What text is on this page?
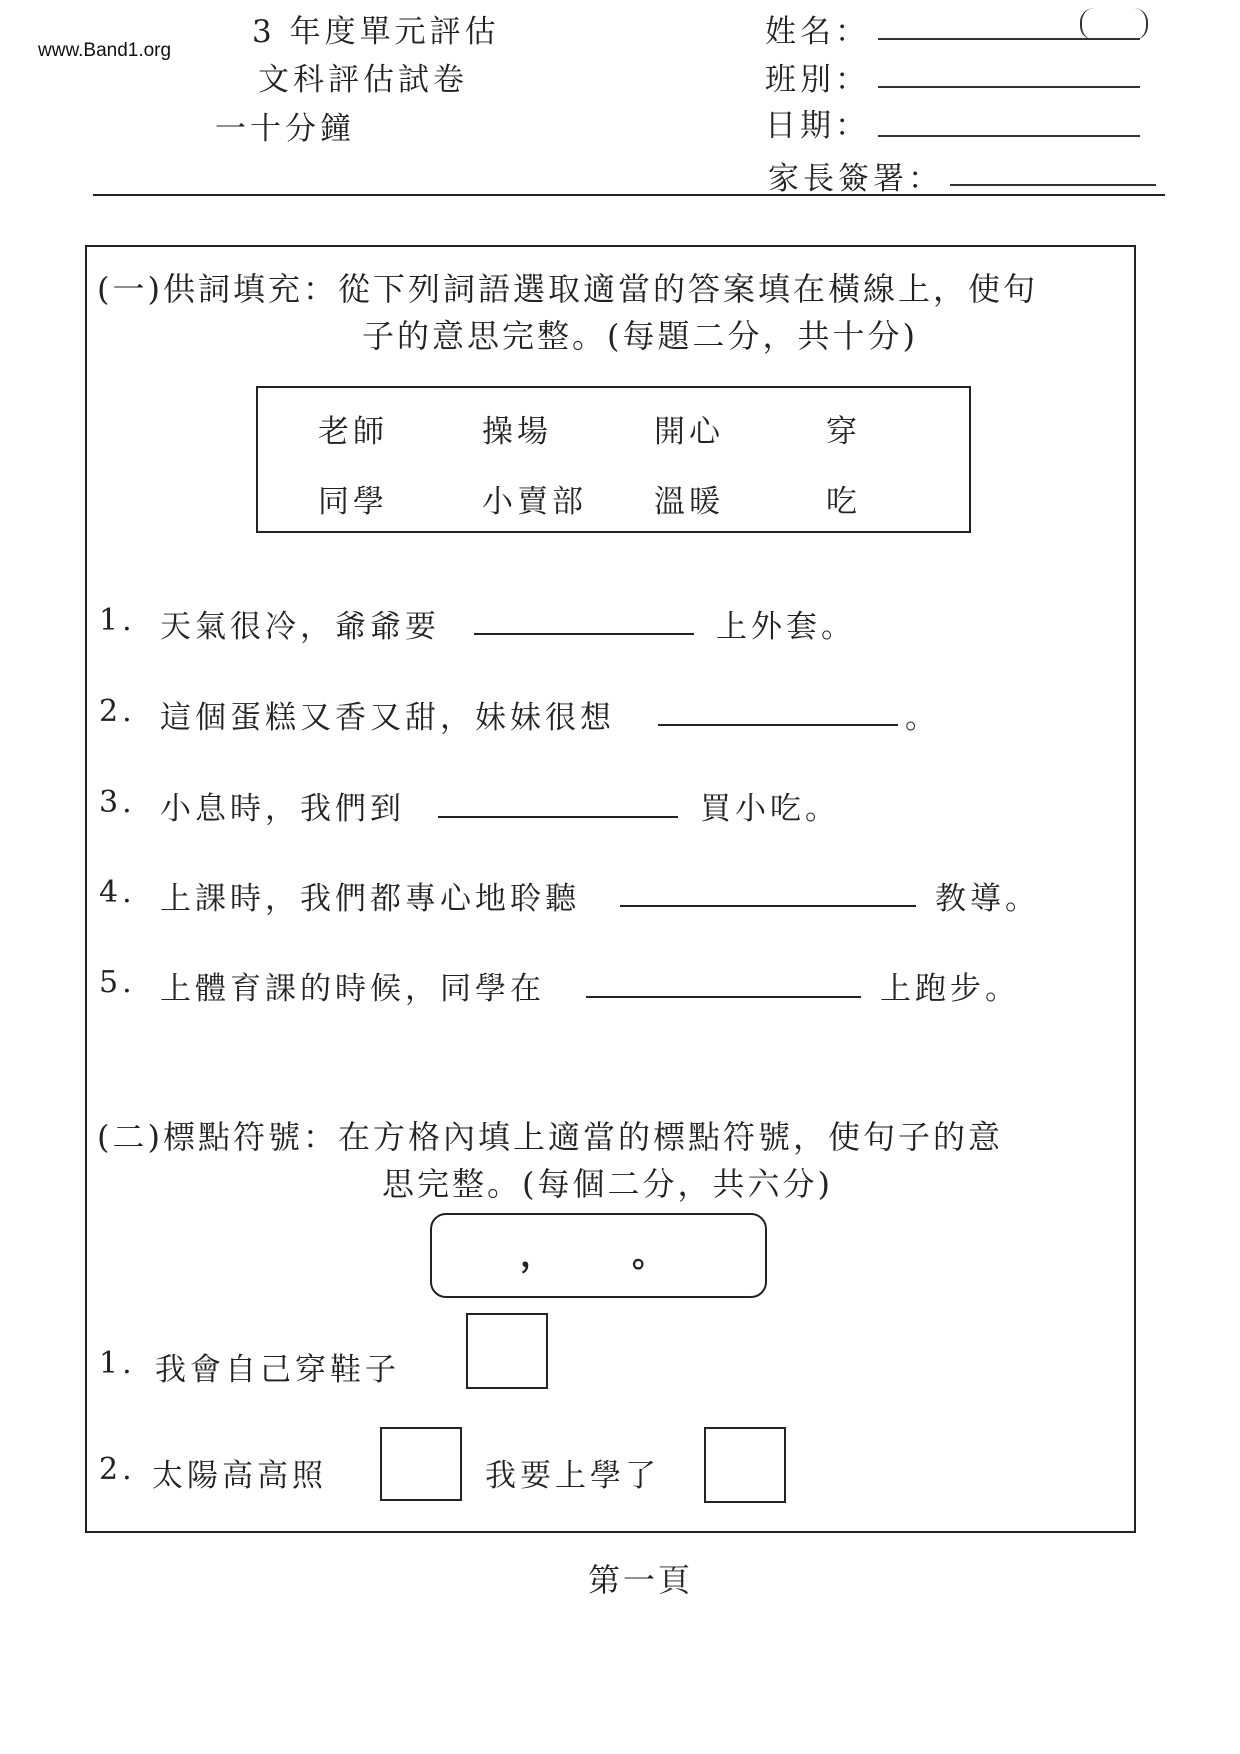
www.Band1.org
3 年度單元評估
文科評估試卷
一十分鐘
姓名：
班別：
日期：
家長簽署：
(一)供詞填充：從下列詞語選取適當的答案填在橫線上，使句
子的意思完整。(每題二分，共十分)
老師	操場	開心	穿
同學	小賣部 溫暖	吃
1. 天氣很冷，爺爺要	上外套。
2. 這個蛋糕又香又甜，妹妹很想	。
3. 小息時，我們到	買小吃。
4. 上課時，我們都專心地聆聽	教導。
5. 上體育課的時候，同學在	上跑步。
(二)標點符號：在方格內填上適當的標點符號，使句子的意
思完整。(每個二分，共六分)
， 。
1. 我會自己穿鞋子
2. 太陽高高照	我要上學了
第一頁
